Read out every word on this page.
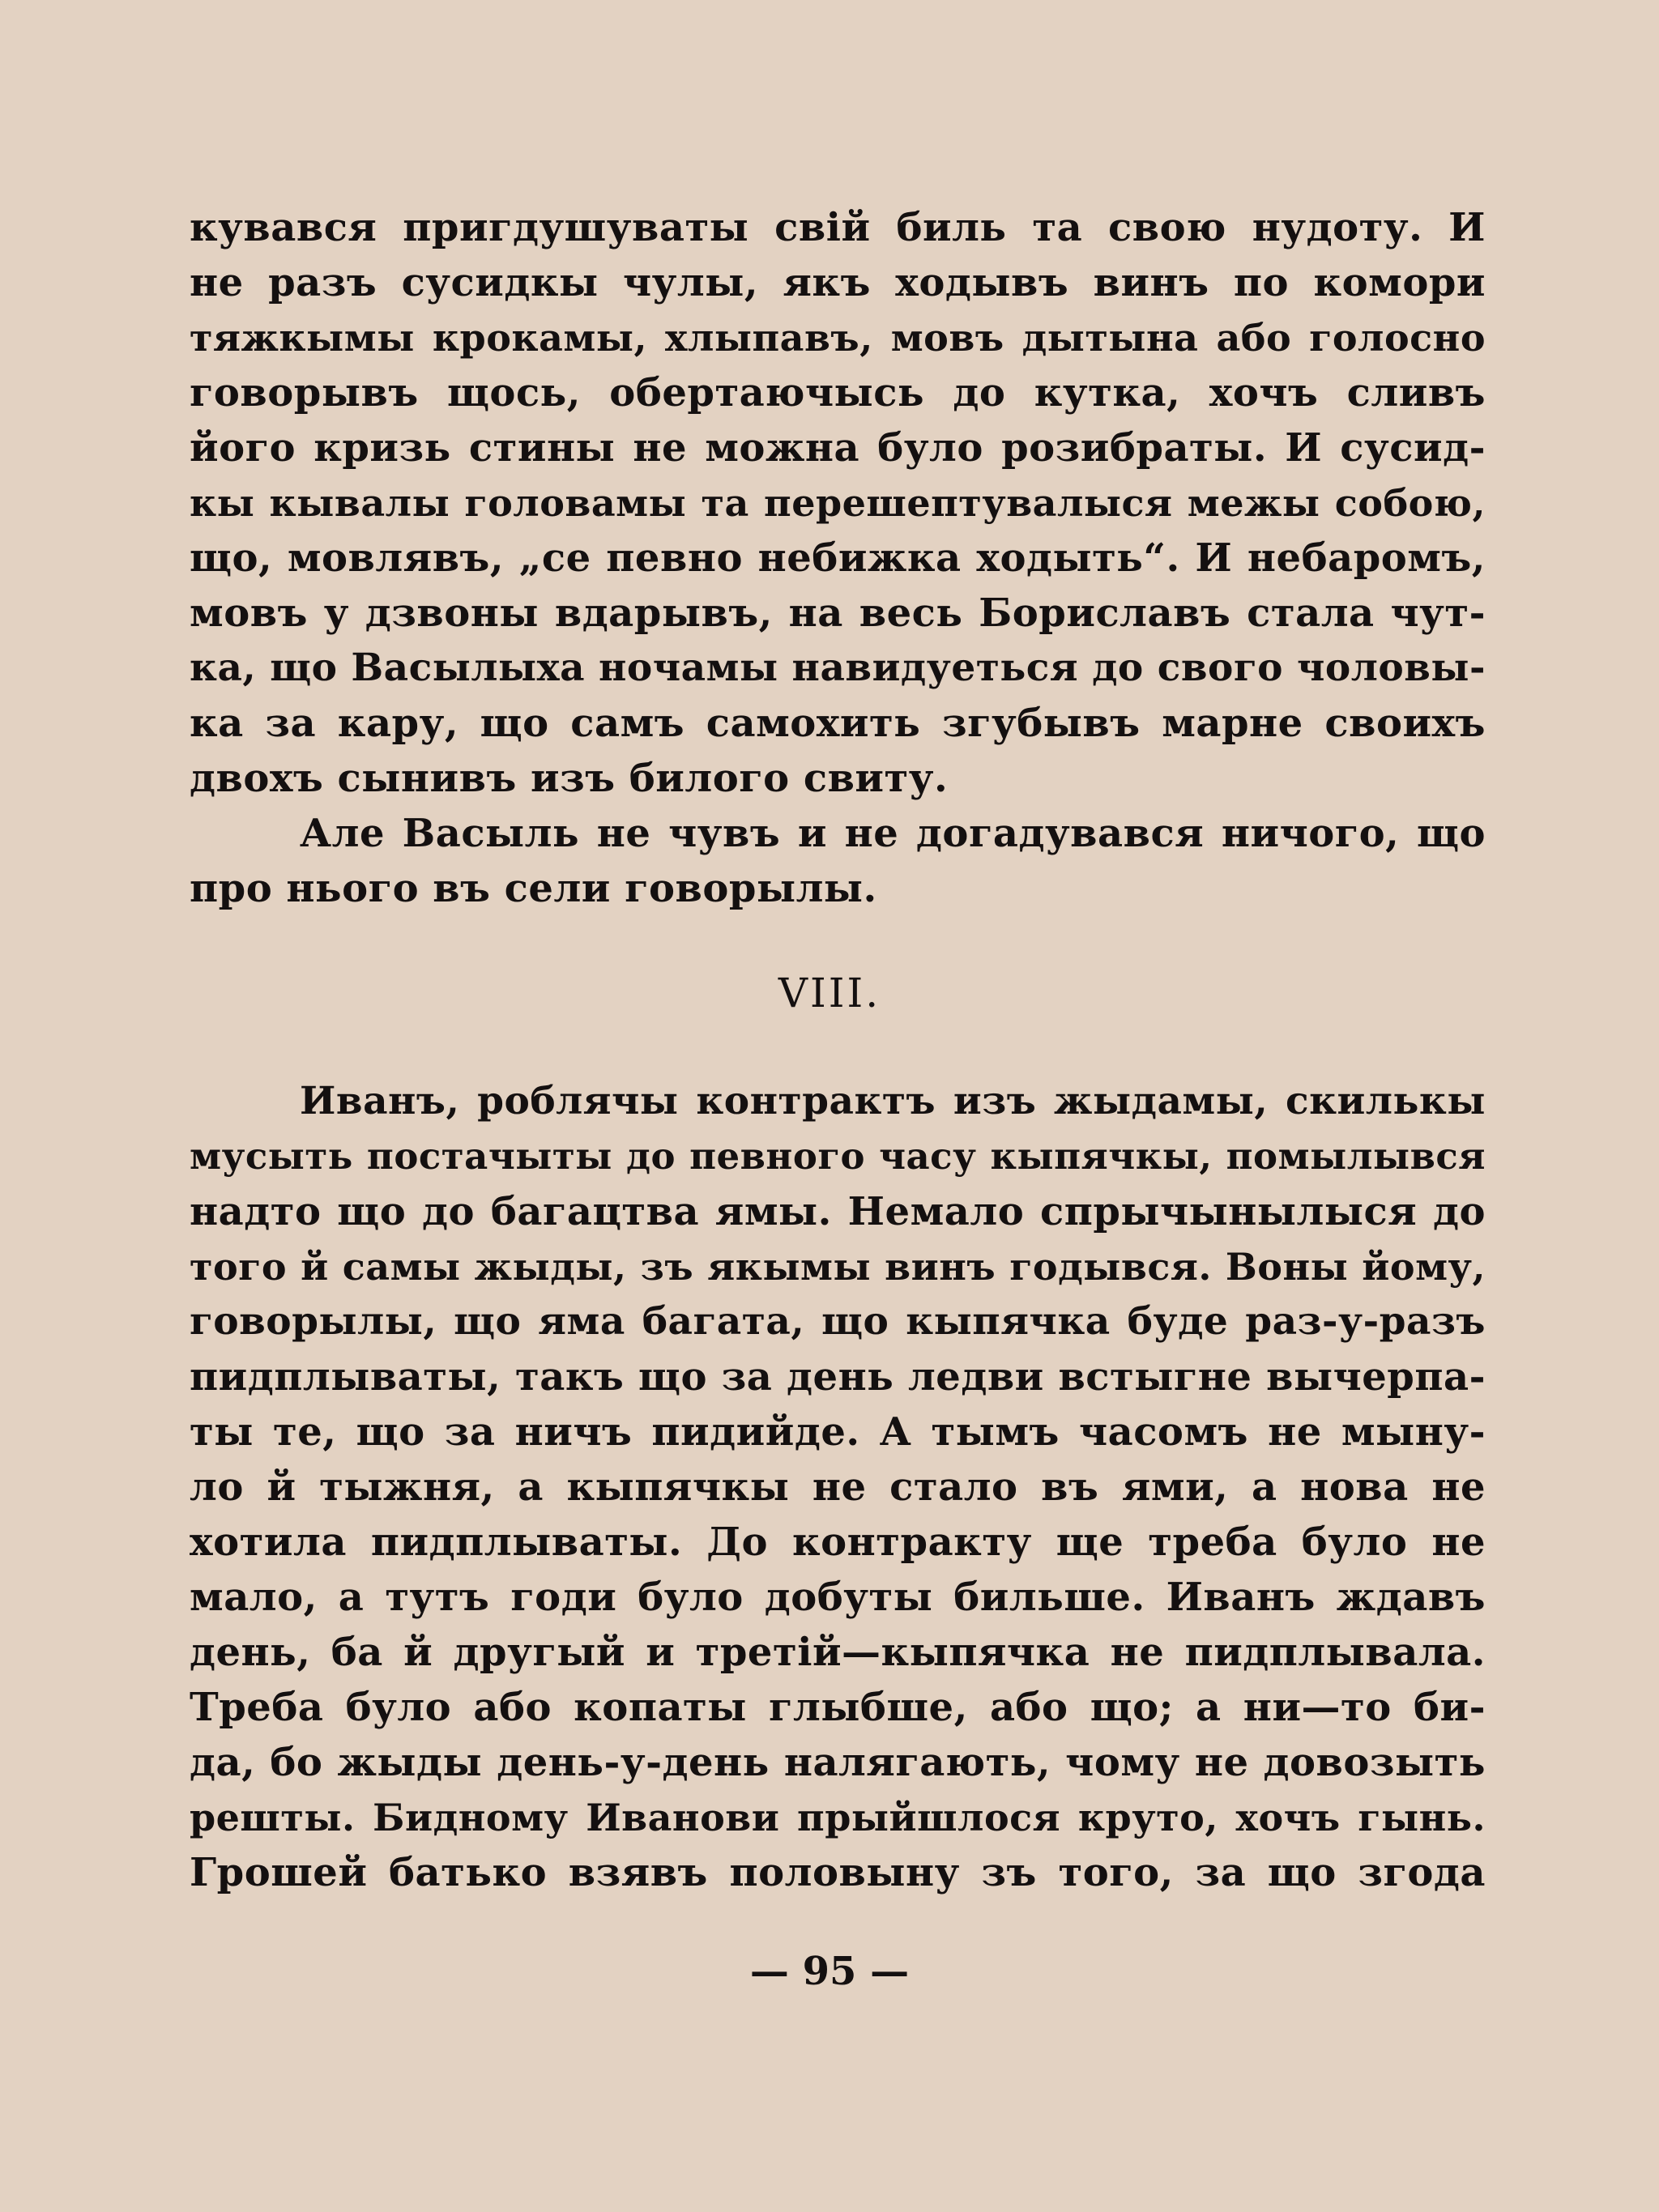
кувався пригдушуваты свій биль та свою нудоту. И
не разъ сусидкы чулы, якъ ходывъ винъ по комори
тяжкымы крокамы, хлыпавъ, мовъ дытына або голосно
говорывъ щось, обертаючысь до кутка, хочъ сливъ
його кризь стины не можна було розибраты. И сусид-
кы кывалы головамы та перешептувалыся межы собою,
що, мовлявъ, „се певно небижка ходыть“. И небаромъ,
мовъ у дзвоны вдарывъ, на весь Бориславъ стала чут-
ка, що Васылыха ночамы навидуеться до свого чоловы-
ка за кару, що самъ самохить згубывъ марне своихъ
двохъ сынивъ изъ билого свиту.
Але Васыль не чувъ и не догадувався ничого, що
про нього въ сели говорылы.
VIII.
Иванъ, роблячы контрактъ изъ жыдамы, скилькы
мусыть постачыты до певного часу кыпячкы, помылывся
надто що до багацтва ямы. Немало спрычынылыся до
того й самы жыды, зъ якымы винъ годывся. Воны йому,
говорылы, що яма багата, що кыпячка буде раз-у-разъ
пидплываты, такъ що за день ледви встыгне вычерпа-
ты те, що за ничъ пидийде. А тымъ часомъ не мыну-
ло й тыжня, а кыпячкы не стало въ ями, а нова не
хотила пидплываты. До контракту ще треба було не
мало, а тутъ годи було добуты бильше. Иванъ ждавъ
день, ба й другый и третій—кыпячка не пидплывала.
Треба було або копаты глыбше, або що; а ни—то би-
да, бо жыды день-у-день налягають, чому не довозыть
решты. Бидному Иванови прыйшлося круто, хочъ гынь.
Грошей батько взявъ половыну зъ того, за що згода
— 95 —
